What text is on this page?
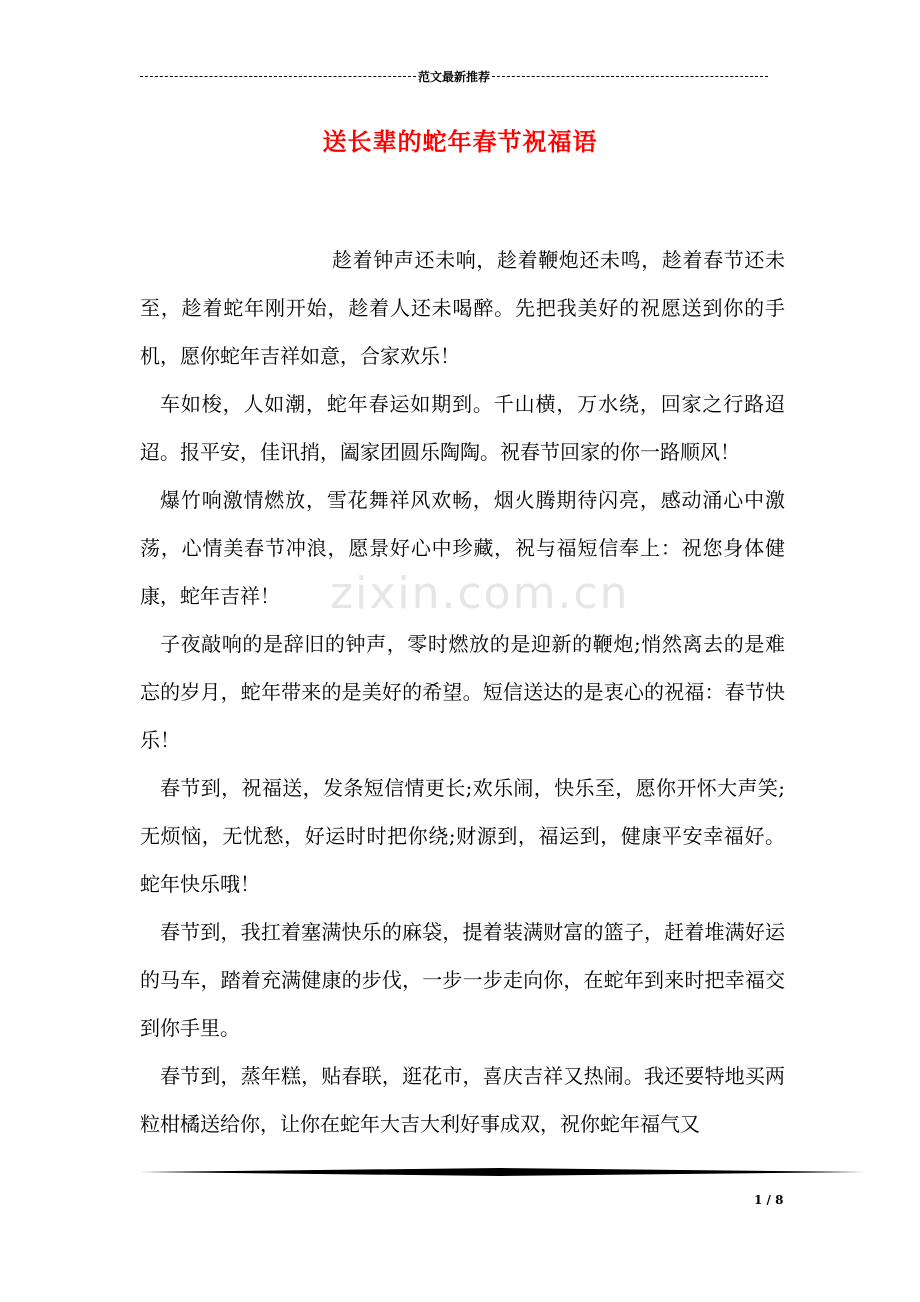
范文最新推荐
送长辈的蛇年春节祝福语
zixin.com.cn

趁着钟声还未响，趁着鞭炮还未鸣，趁着春节还未至，趁着蛇年刚开始，趁着人还未喝醉。先把我美好的祝愿送到你的手机，愿你蛇年吉祥如意，合家欢乐！

车如梭，人如潮，蛇年春运如期到。千山横，万水绕，回家之行路迢迢。报平安，佳讯捎，阖家团圆乐陶陶。祝春节回家的你一路顺风！

爆竹响激情燃放，雪花舞祥风欢畅，烟火腾期待闪亮，感动涌心中激荡，心情美春节冲浪，愿景好心中珍藏，祝与福短信奉上：祝您身体健康，蛇年吉祥！

子夜敲响的是辞旧的钟声，零时燃放的是迎新的鞭炮;悄然离去的是难忘的岁月，蛇年带来的是美好的希望。短信送达的是衷心的祝福：春节快乐！

春节到，祝福送，发条短信情更长;欢乐闹，快乐至，愿你开怀大声笑;无烦恼，无忧愁，好运时时把你绕;财源到，福运到，健康平安幸福好。蛇年快乐哦！

春节到，我扛着塞满快乐的麻袋，提着装满财富的篮子，赶着堆满好运的马车，踏着充满健康的步伐，一步一步走向你，在蛇年到来时把幸福交到你手里。

春节到，蒸年糕，贴春联，逛花市，喜庆吉祥又热闹。我还要特地买两粒柑橘送给你，让你在蛇年大吉大利好事成双，祝你蛇年福气又

1 / 8
